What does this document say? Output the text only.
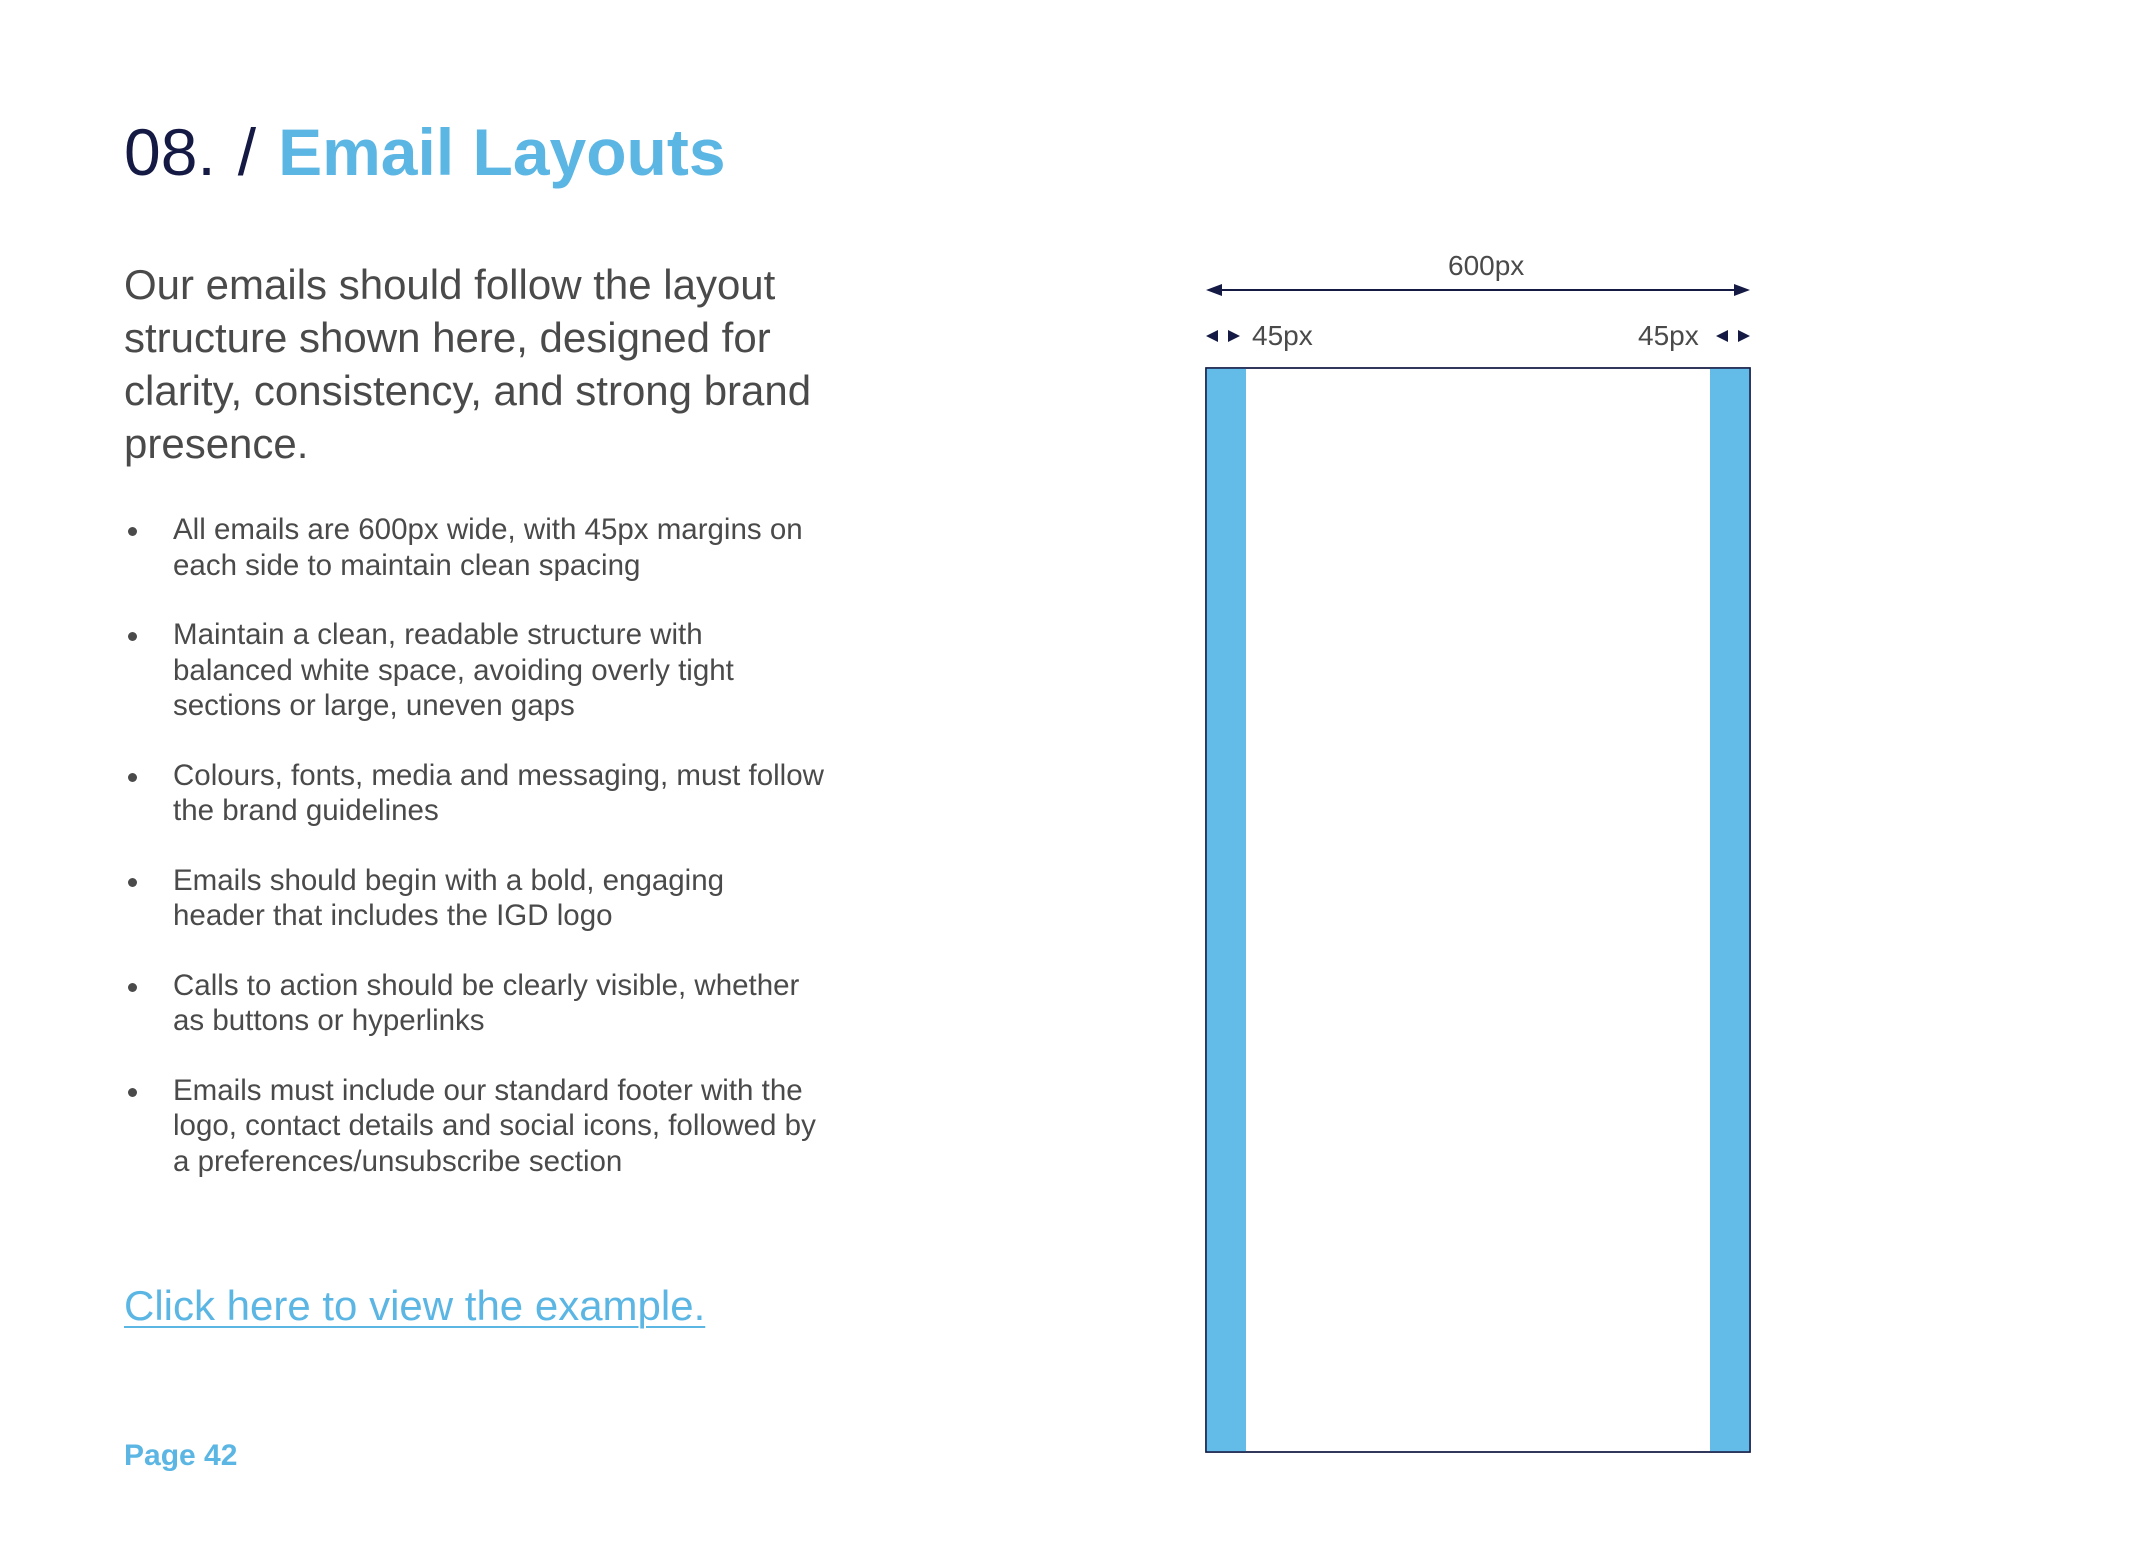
08. / Email Layouts
Our emails should follow the layout structure shown here, designed for clarity, consistency, and strong brand presence.
All emails are 600px wide, with 45px margins on each side to maintain clean spacing
Maintain a clean, readable structure with balanced white space, avoiding overly tight sections or large, uneven gaps
Colours, fonts, media and messaging, must follow the brand guidelines
Emails should begin with a bold, engaging header that includes the IGD logo
Calls to action should be clearly visible, whether as buttons or hyperlinks
Emails must include our standard footer with the logo, contact details and social icons, followed by a preferences/unsubscribe section
Click here to view the example.
Page 42
600px
45px	45px
